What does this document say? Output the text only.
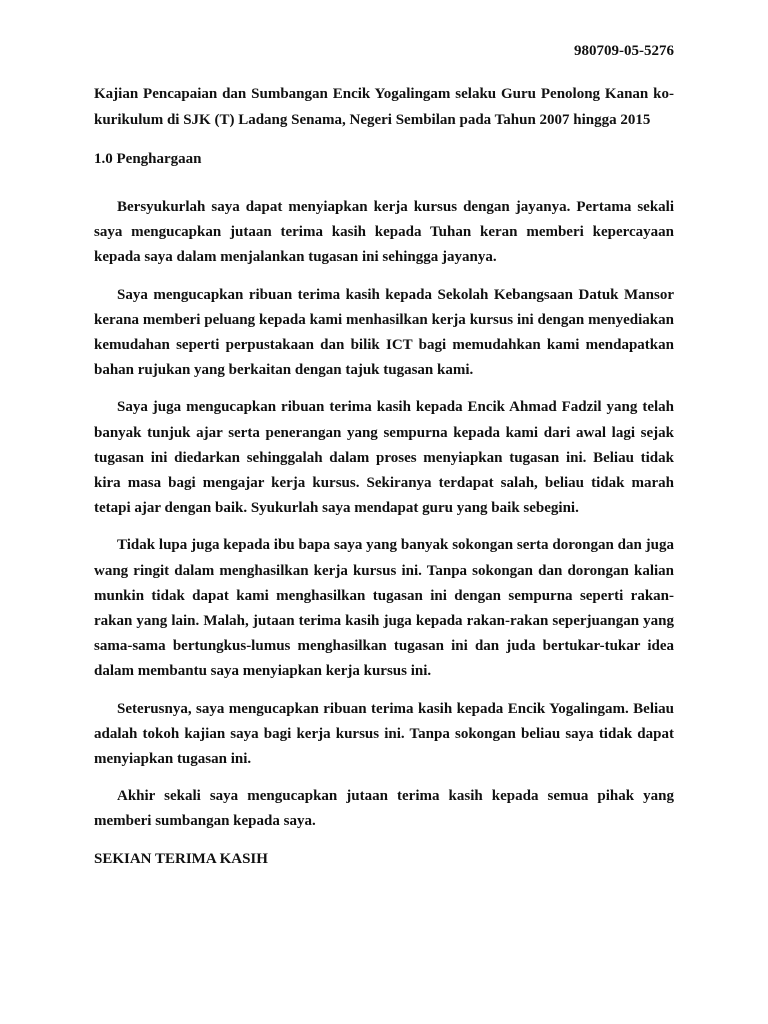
980709-05-5276
Kajian Pencapaian dan Sumbangan Encik Yogalingam selaku Guru Penolong Kanan ko-kurikulum di SJK (T) Ladang Senama, Negeri Sembilan pada Tahun 2007 hingga 2015
1.0 Penghargaan

Bersyukurlah saya dapat menyiapkan kerja kursus dengan jayanya. Pertama sekali saya mengucapkan jutaan terima kasih kepada Tuhan keran memberi kepercayaan kepada saya dalam menjalankan tugasan ini sehingga jayanya.

Saya mengucapkan ribuan terima kasih kepada Sekolah Kebangsaan Datuk Mansor kerana memberi peluang kepada kami menhasilkan kerja kursus ini dengan menyediakan kemudahan seperti perpustakaan dan bilik ICT bagi memudahkan kami mendapatkan bahan rujukan yang berkaitan dengan tajuk tugasan kami.

Saya juga mengucapkan ribuan terima kasih kepada Encik Ahmad Fadzil yang telah banyak tunjuk ajar serta penerangan yang sempurna kepada kami dari awal lagi sejak tugasan ini diedarkan sehinggalah dalam proses menyiapkan tugasan ini. Beliau tidak kira masa bagi mengajar kerja kursus. Sekiranya terdapat salah, beliau tidak marah tetapi ajar dengan baik. Syukurlah saya mendapat guru yang baik sebegini.

Tidak lupa juga kepada ibu bapa saya yang banyak sokongan serta dorongan dan juga wang ringit dalam menghasilkan kerja kursus ini. Tanpa sokongan dan dorongan kalian munkin tidak dapat kami menghasilkan tugasan ini dengan sempurna seperti rakan-rakan yang lain. Malah, jutaan terima kasih juga kepada rakan-rakan seperjuangan yang sama-sama bertungkus-lumus menghasilkan tugasan ini dan juda bertukar-tukar idea dalam membantu saya menyiapkan kerja kursus ini.

Seterusnya, saya mengucapkan ribuan terima kasih kepada Encik Yogalingam. Beliau adalah tokoh kajian saya bagi kerja kursus ini. Tanpa sokongan beliau saya tidak dapat menyiapkan tugasan ini.

Akhir sekali saya mengucapkan jutaan terima kasih kepada semua pihak yang memberi sumbangan kepada saya.

SEKIAN TERIMA KASIH
